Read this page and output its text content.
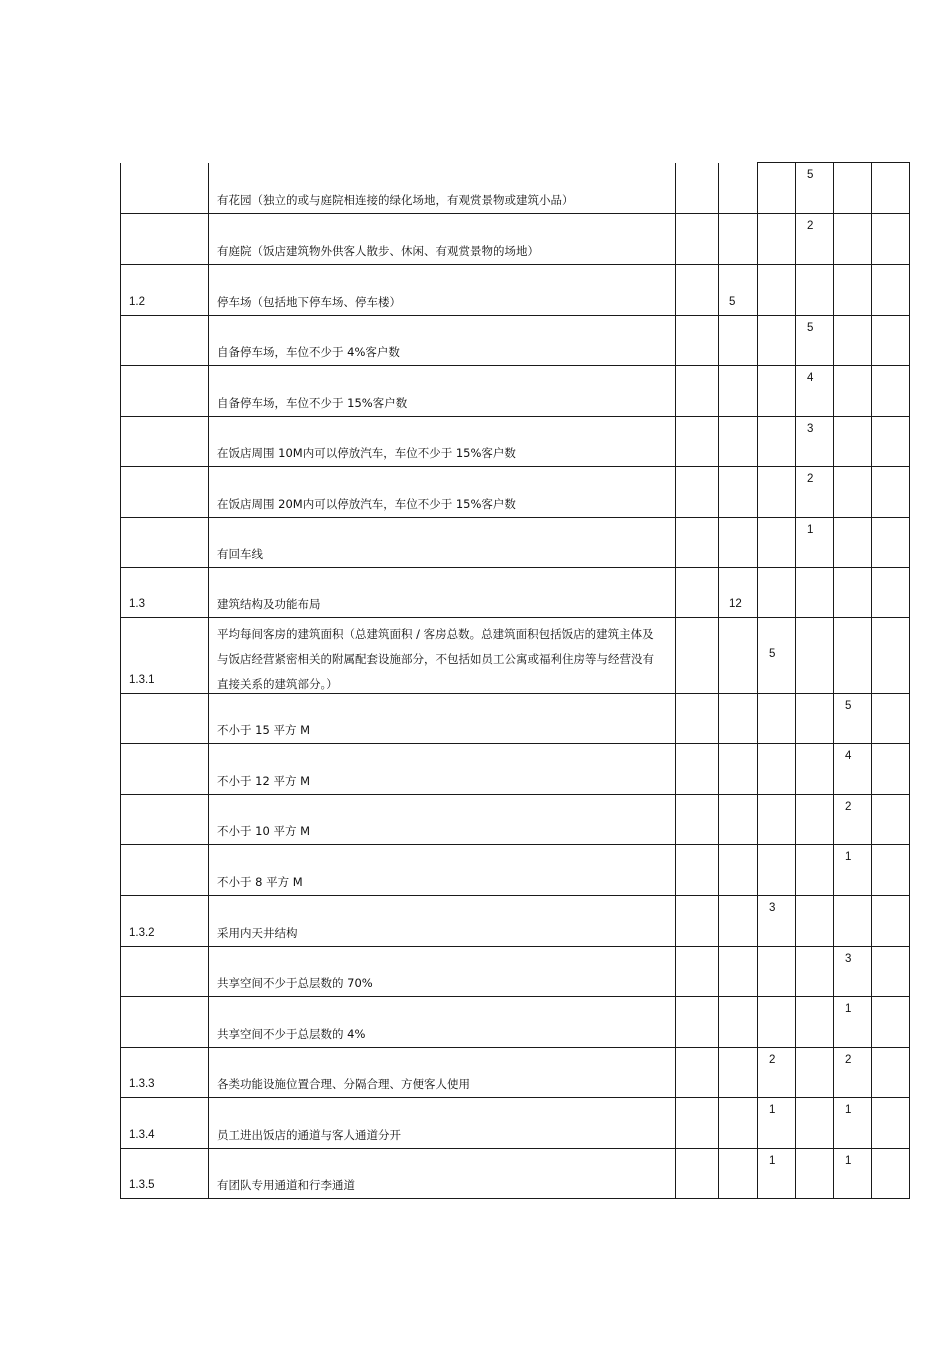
	有花园（独立的或与庭院相连接的绿化场地，有观赏景物或建筑小品）				5		

	有庭院（饭店建筑物外供客人散步、休闲、有观赏景物的场地）				2		

1.2	停车场（包括地下停车场、停车楼）		5				

	自备停车场，车位不少于 4%客户数				5		

	自备停车场，车位不少于 15%客户数				4		

	在饭店周围 10M内可以停放汽车，车位不少于 15%客户数				3		

	在饭店周围 20M内可以停放汽车，车位不少于 15%客户数				2		

	有回车线				1		

1.3	建筑结构及功能布局		12				

1.3.1	平均每间客房的建筑面积（总建筑面积 / 客房总数。总建筑面积包括饭店的建筑主体及与饭店经营紧密相关的附属配套设施部分，不包括如员工公寓或福利住房等与经营没有直接关系的建筑部分。）			5			

	不小于 15 平方 M					5	

	不小于 12 平方 M					4	

	不小于 10 平方 M					2	

	不小于 8 平方 M					1	

1.3.2	采用内天井结构			3			

	共享空间不少于总层数的 70%					3	

	共享空间不少于总层数的 4%					1	

1.3.3	各类功能设施位置合理、分隔合理、方便客人使用			2		2	

1.3.4	员工进出饭店的通道与客人通道分开			1		1	

1.3.5	有团队专用通道和行李通道			1		1	
